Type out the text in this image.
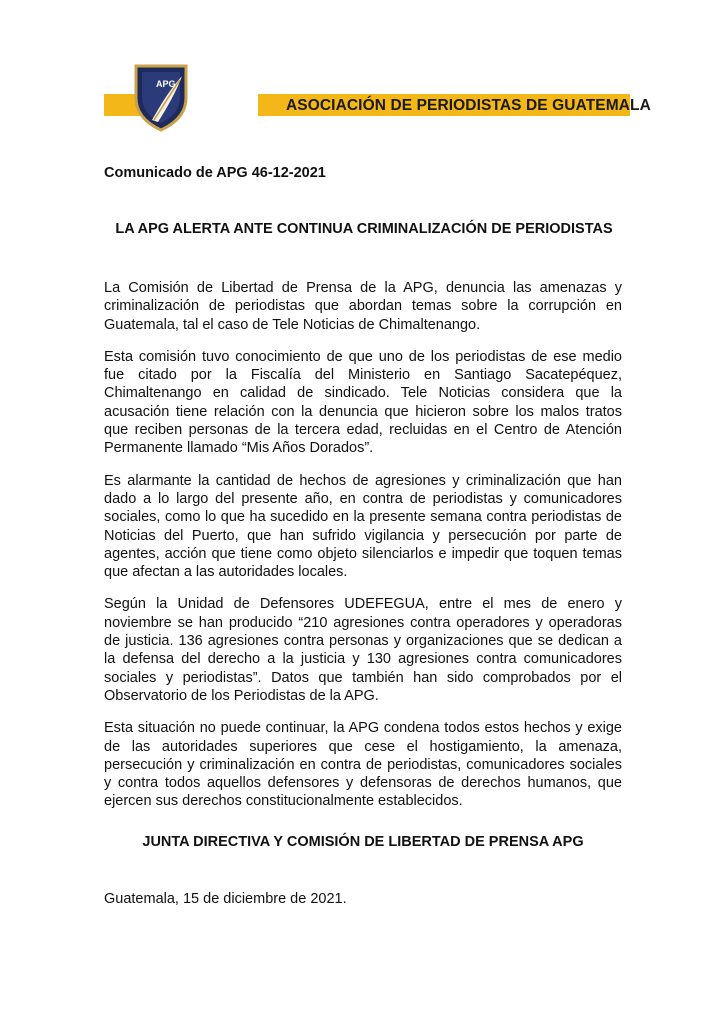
APG
ASOCIACIÓN DE PERIODISTAS DE GUATEMALA
Comunicado de APG 46-12-2021
LA APG ALERTA ANTE CONTINUA CRIMINALIZACIÓN DE PERIODISTAS

La Comisión de Libertad de Prensa de la APG, denuncia las amenazas y criminalización de periodistas que abordan temas sobre la corrupción en Guatemala, tal el caso de Tele Noticias de Chimaltenango.

Esta comisión tuvo conocimiento de que uno de los periodistas de ese medio fue citado por la Fiscalía del Ministerio en Santiago Sacatepéquez, Chimaltenango en calidad de sindicado. Tele Noticias considera que la acusación tiene relación con la denuncia que hicieron sobre los malos tratos que reciben personas de la tercera edad, recluidas en el Centro de Atención Permanente llamado “Mis Años Dorados”.

Es alarmante la cantidad de hechos de agresiones y criminalización que han dado a lo largo del presente año, en contra de periodistas y comunicadores sociales, como lo que ha sucedido en la presente semana contra periodistas de Noticias del Puerto, que han sufrido vigilancia y persecución por parte de agentes, acción que tiene como objeto silenciarlos e impedir que toquen temas que afectan a las autoridades locales.

Según la Unidad de Defensores UDEFEGUA, entre el mes de enero y noviembre se han producido “210 agresiones contra operadores y operadoras de justicia. 136 agresiones contra personas y organizaciones que se dedican a la defensa del derecho a la justicia y 130 agresiones contra comunicadores sociales y periodistas”. Datos que también han sido comprobados por el Observatorio de los Periodistas de la APG.

Esta situación no puede continuar, la APG condena todos estos hechos y exige de las autoridades superiores que cese el hostigamiento, la amenaza, persecución y criminalización en contra de periodistas, comunicadores sociales y contra todos aquellos defensores y defensoras de derechos humanos, que ejercen sus derechos constitucionalmente establecidos.

JUNTA DIRECTIVA Y COMISIÓN DE LIBERTAD DE PRENSA APG
Guatemala, 15 de diciembre de 2021.
